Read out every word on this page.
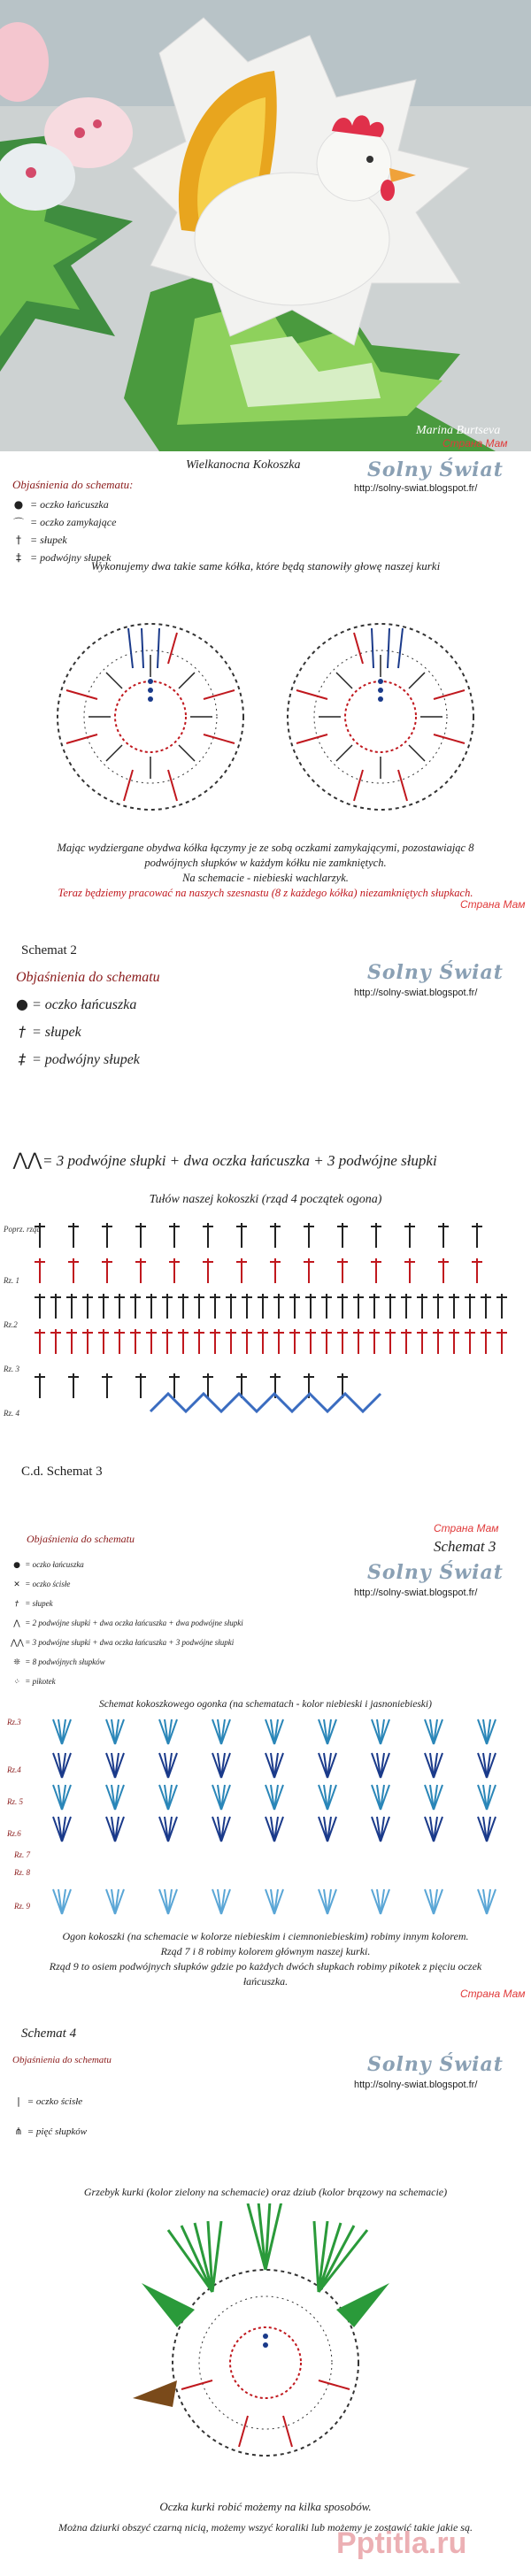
Marina Burtseva
Страна Мам
Wielkanocna Kokoszka	Solny Świat
http://solny-swiat.blogspot.fr/
Objaśnienia do schematu:
● = oczko łańcuszka
⌒ = oczko zamykające
† = słupek
‡ = podwójny słupek
Wykonujemy dwa takie same kółka, które będą stanowiły głowę naszej kurki
Mając wydziergane obydwa kółka łączymy je ze sobą oczkami zamykającymi, pozostawiając 8 podwójnych słupków w każdym kółku nie zamkniętych.
Na schemacie - niebieski wachlarzyk.
Teraz będziemy pracować na naszych szesnastu (8 z każdego kółka) niezamkniętych słupkach.
Страна Мам
Schemat 2
Solny Świat
http://solny-swiat.blogspot.fr/
Objaśnienia do schematu
● = oczko łańcuszka
† = słupek
‡ = podwójny słupek
⋀⋀= 3 podwójne słupki + dwa oczka łańcuszka + 3 podwójne słupki
Tułów naszej kokoszki (rząd 4 początek ogona)
Poprz. rząd
Rz. 1
Rz.2
Rz. 3
Rz. 4
C.d. Schemat 3
Страна Мам
Schemat 3
Solny Świat
http://solny-swiat.blogspot.fr/
Objaśnienia do schematu
● = oczko łańcuszka
✕ = oczko ścisłe
† = słupek
⋀ = 2 podwójne słupki + dwa oczka łańcuszka + dwa podwójne słupki
⋀⋀ = 3 podwójne słupki + dwa oczka łańcuszka + 3 podwójne słupki
❊ = 8 podwójnych słupków
⁘ = pikotek
Schemat kokoszkowego ogonka (na schematach - kolor niebieski i jasnoniebieski)
Rz.3
Rz.4
Rz. 5
Rz.6
Rz. 7
Rz. 8
Rz. 9
Ogon kokoszki (na schemacie w kolorze niebieskim i ciemnoniebieskim) robimy innym kolorem.
Rząd 7 i 8 robimy kolorem głównym naszej kurki.
Rząd 9 to osiem podwójnych słupków gdzie po każdych dwóch słupkach robimy pikotek z pięciu oczek łańcuszka.
Страна Мам
Schemat 4
Solny Świat
http://solny-swiat.blogspot.fr/
Objaśnienia do schematu
| = oczko ścisłe
⋔ = pięć słupków
Grzebyk kurki (kolor zielony na schemacie) oraz dziub (kolor brązowy na schemacie)
Oczka kurki robić możemy na kilka sposobów.
Można dziurki obszyć czarną nicią, możemy wszyć koraliki lub możemy je zostawić takie jakie są.
Pptitla.ru
